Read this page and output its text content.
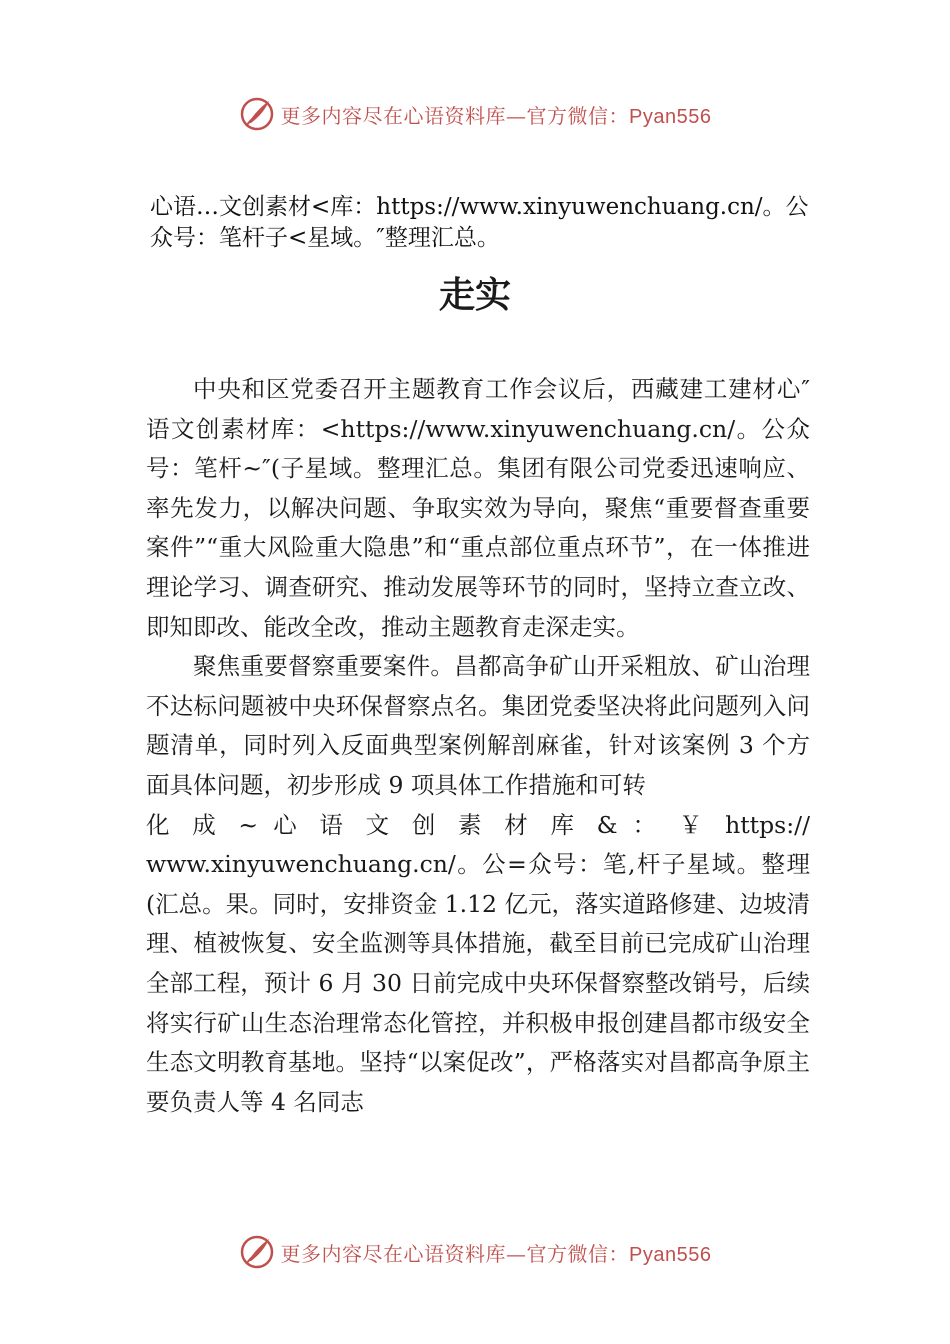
更多内容尽在心语资料库—官方微信：Pyan556
心语…文创素材<库：https://www.xinyuwenchuang.cn/。公众号：笔杆子<星域。″整理汇总。
走实

中央和区党委召开主题教育工作会议后，西藏建工建材心″语文创素材库：<https://www.xinyuwenchuang.cn/。公众号：笔杆~″(子星域。整理汇总。集团有限公司党委迅速响应、率先发力，以解决问题、争取实效为导向，聚焦“重要督查重要案件”“重大风险重大隐患”和“重点部位重点环节”，在一体推进理论学习、调查研究、推动发展等环节的同时，坚持立查立改、即知即改、能改全改，推动主题教育走深走实。

聚焦重要督察重要案件。昌都高争矿山开采粗放、矿山治理不达标问题被中央环保督察点名。集团党委坚决将此问题列入问题清单，同时列入反面典型案例解剖麻雀，针对该案例 3 个方面具体问题，初步形成 9 项具体工作措施和可转

化 成 ~ 心 语 文 创 素 材 库 & ： ￥ https://

www.xinyuwenchuang.cn/。公=众号：笔,杆子星域。整理(汇总。果。同时，安排资金 1.12 亿元，落实道路修建、边坡清理、植被恢复、安全监测等具体措施，截至目前已完成矿山治理全部工程，预计 6 月 30 日前完成中央环保督察整改销号，后续将实行矿山生态治理常态化管控，并积极申报创建昌都市级安全生态文明教育基地。坚持“以案促改”，严格落实对昌都高争原主要负责人等 4 名同志

更多内容尽在心语资料库—官方微信：Pyan556
